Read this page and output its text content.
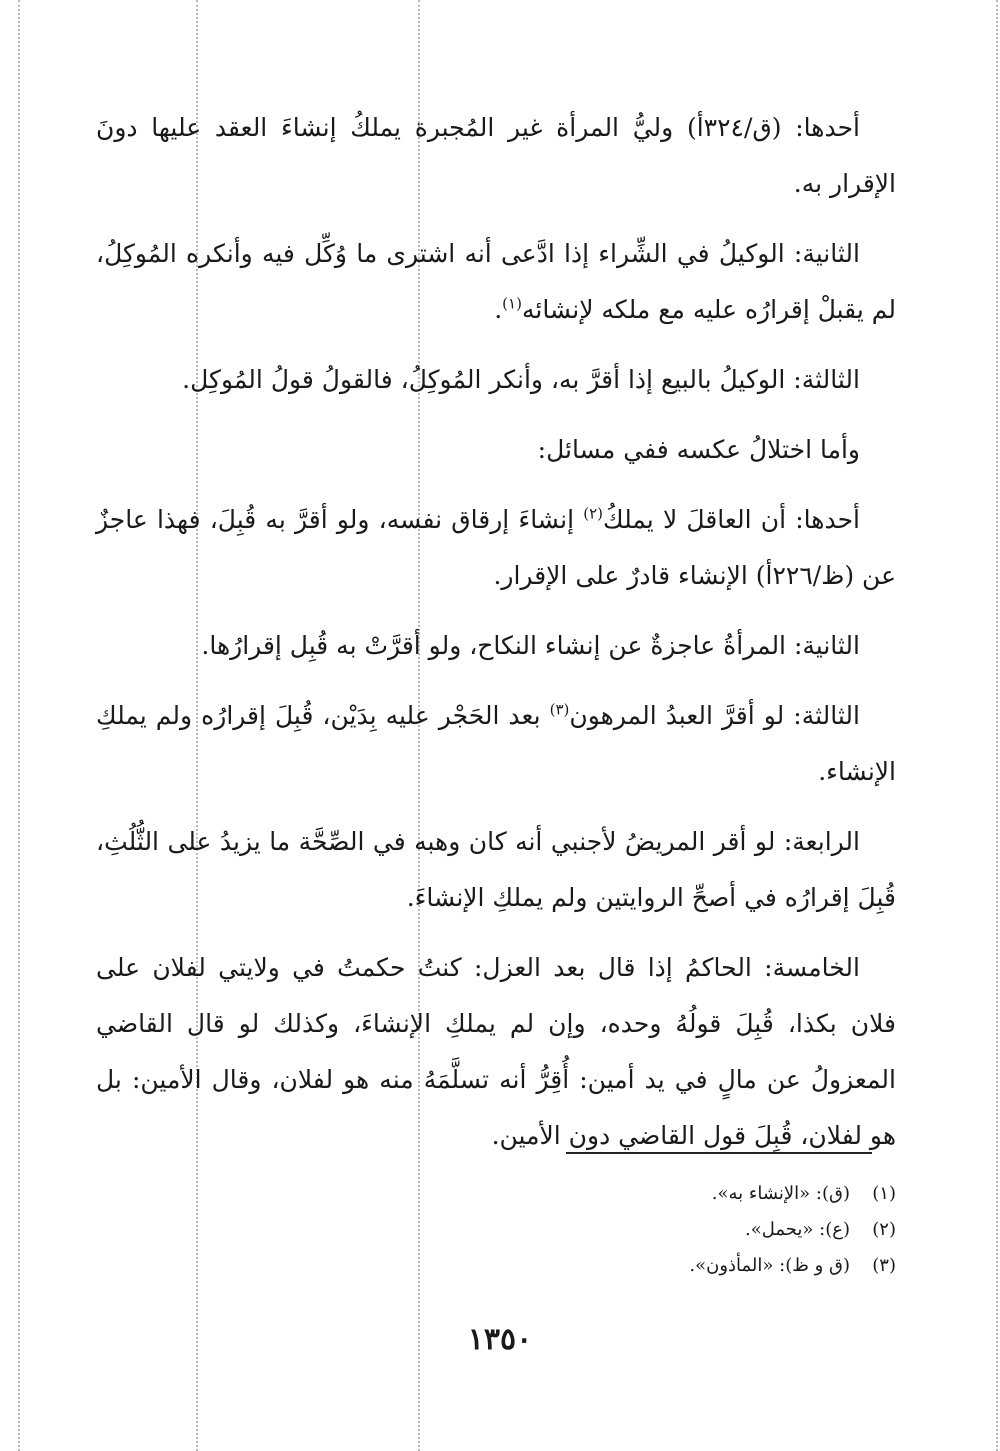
أحدها: (ق/٣٢٤أ) وليُّ المرأة غير المُجبرة يملكُ إنشاءَ العقد عليها دونَ الإقرار به.

الثانية: الوكيلُ في الشِّراء إذا ادَّعى أنه اشترى ما وُكِّل فيه وأنكره المُوكِلُ، لم يقبلْ إقرارُه عليه مع ملكه لإنشائه$^{(١)}$.

الثالثة: الوكيلُ بالبيع إذا أقرَّ به، وأنكر المُوكِلُ، فالقولُ قولُ المُوكِل.

وأما اختلالُ عكسه ففي مسائل:

أحدها: أن العاقلَ لا يملكُ$^{(٢)}$ إنشاءَ إرقاق نفسه، ولو أقرَّ به قُبِلَ، فهذا عاجزٌ عن (ظ/٢٢٦أ) الإنشاء قادرٌ على الإقرار.

الثانية: المرأةُ عاجزةٌ عن إنشاء النكاح، ولو أقرَّتْ به قُبِل إقرارُها.

الثالثة: لو أقرَّ العبدُ المرهون$^{(٣)}$ بعد الحَجْر عليه بِدَيْن، قُبِلَ إقرارُه ولم يملكِ الإنشاء.

الرابعة: لو أقر المريضُ لأجنبي أنه كان وهبه في الصِّحَّة ما يزيدُ على الثُّلُثِ، قُبِلَ إقرارُه في أصحِّ الروايتين ولم يملكِ الإنشاءَ.

الخامسة: الحاكمُ إذا قال بعد العزل: كنتُ حكمتُ في ولايتي لفلان على فلان بكذا، قُبِلَ قولُهُ وحده، وإن لم يملكِ الإنشاءَ، وكذلك لو قال القاضي المعزولُ عن مالٍ في يد أمين: أُقِرُّ أنه تسلَّمَهُ منه هو لفلان، وقال الأمين: بل هو لفلان، قُبِلَ قول القاضي دون الأمين.

(١)(ق): «الإنشاء به».
(٢)(ع): «يحمل».
(٣)(ق و ظ): «المأذون».
١٣٥٠
